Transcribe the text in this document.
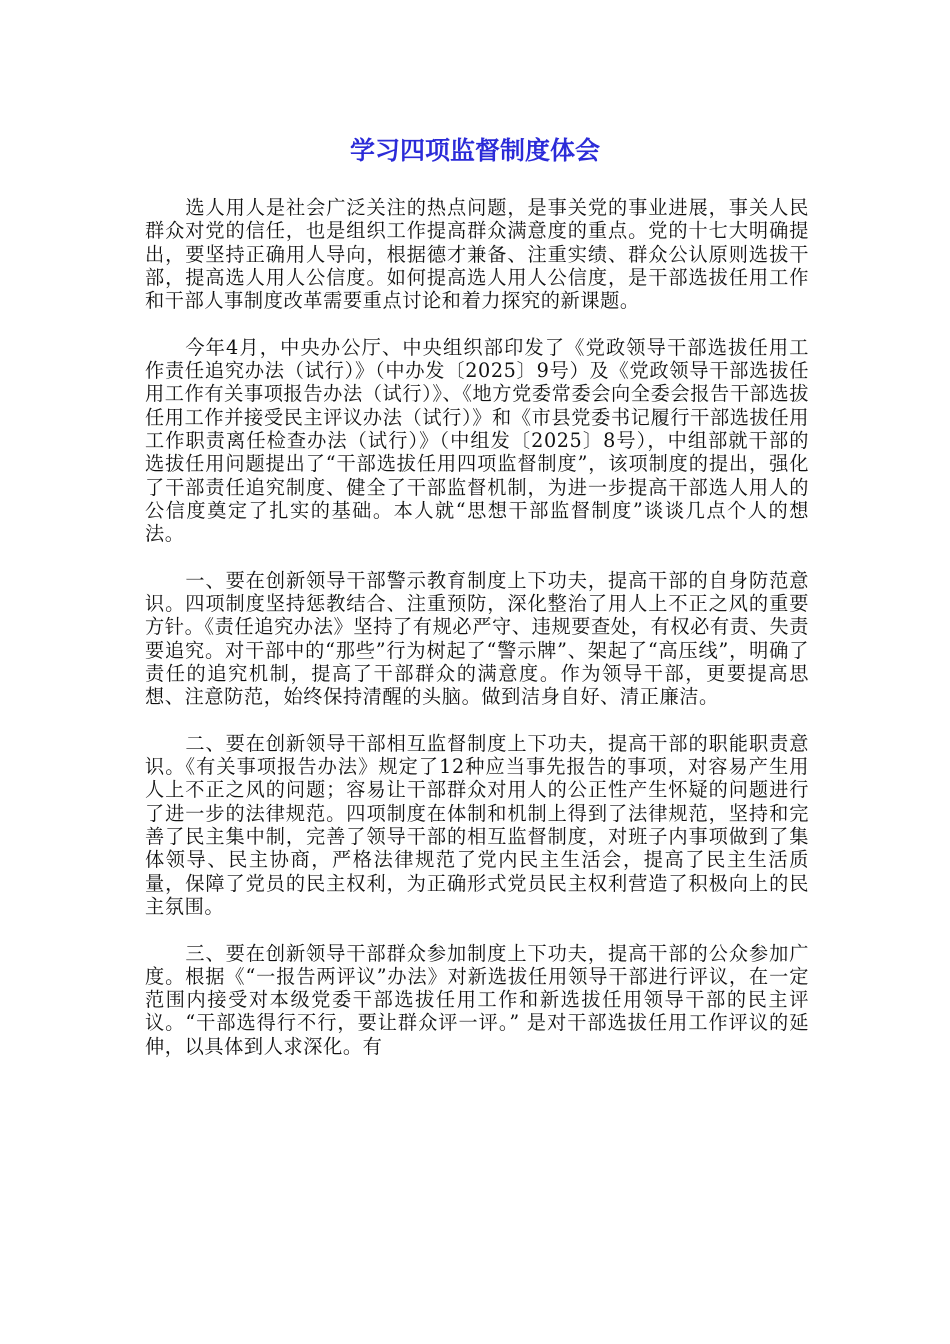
学习四项监督制度体会

选人用人是社会广泛关注的热点问题，是事关党的事业进展，事关人民群众对党的信任，也是组织工作提高群众满意度的重点。党的十七大明确提出，要坚持正确用人导向，根据德才兼备、注重实绩、群众公认原则选拔干部，提高选人用人公信度。如何提高选人用人公信度，是干部选拔任用工作和干部人事制度改革需要重点讨论和着力探究的新课题。

今年4月，中央办公厅、中央组织部印发了《党政领导干部选拔任用工作责任追究办法（试行）》（中办发〔2025〕9号）及《党政领导干部选拔任用工作有关事项报告办法（试行）》、《地方党委常委会向全委会报告干部选拔任用工作并接受民主评议办法（试行）》和《市县党委书记履行干部选拔任用工作职责离任检查办法（试行）》（中组发〔2025〕8号），中组部就干部的选拔任用问题提出了“干部选拔任用四项监督制度”，该项制度的提出，强化了干部责任追究制度、健全了干部监督机制，为进一步提高干部选人用人的公信度奠定了扎实的基础。本人就“思想干部监督制度”谈谈几点个人的想法。

一、要在创新领导干部警示教育制度上下功夫，提高干部的自身防范意识。四项制度坚持惩教结合、注重预防，深化整治了用人上不正之风的重要方针。《责任追究办法》坚持了有规必严守、违规要查处，有权必有责、失责要追究。对干部中的“那些”行为树起了“警示牌”、架起了“高压线”，明确了责任的追究机制，提高了干部群众的满意度。作为领导干部，更要提高思想、注意防范，始终保持清醒的头脑。做到洁身自好、清正廉洁。

二、要在创新领导干部相互监督制度上下功夫，提高干部的职能职责意识。《有关事项报告办法》规定了12种应当事先报告的事项，对容易产生用人上不正之风的问题；容易让干部群众对用人的公正性产生怀疑的问题进行了进一步的法律规范。四项制度在体制和机制上得到了法律规范，坚持和完善了民主集中制，完善了领导干部的相互监督制度，对班子内事项做到了集体领导、民主协商，严格法律规范了党内民主生活会，提高了民主生活质量，保障了党员的民主权利，为正确形式党员民主权利营造了积极向上的民主氛围。

三、要在创新领导干部群众参加制度上下功夫，提高干部的公众参加广度。根据《“一报告两评议”办法》对新选拔任用领导干部进行评议，在一定范围内接受对本级党委干部选拔任用工作和新选拔任用领导干部的民主评议。“干部选得行不行，要让群众评一评。” 是对干部选拔任用工作评议的延伸，以具体到人求深化。有
